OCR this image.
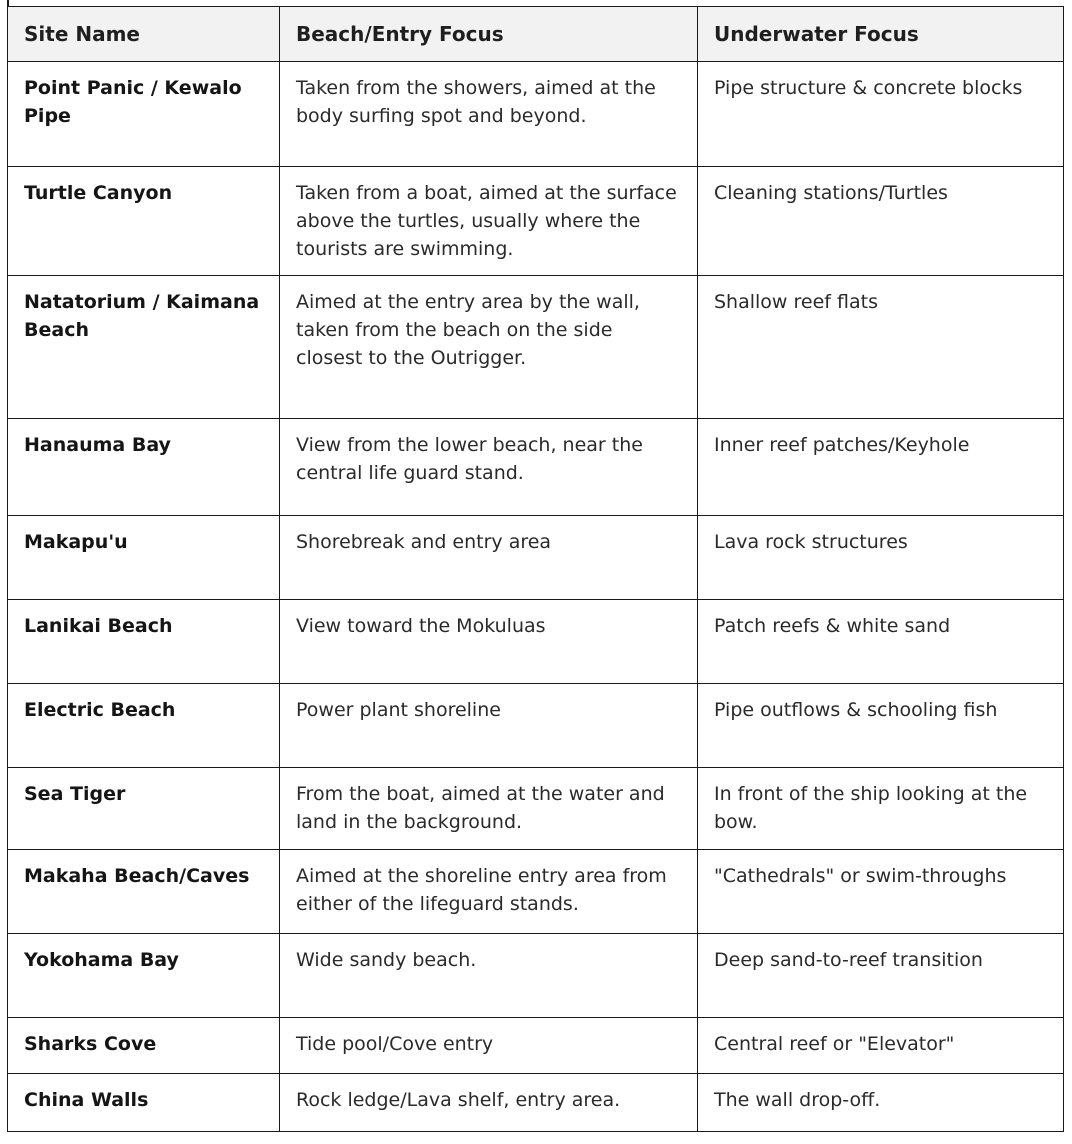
Site Name	Beach/Entry Focus	Underwater Focus
Point Panic / Kewalo Pipe	Taken from the showers, aimed at the body surfing spot and beyond.	Pipe structure & concrete blocks
Turtle Canyon	Taken from a boat, aimed at the surface above the turtles, usually where the tourists are swimming.	Cleaning stations/Turtles
Natatorium / Kaimana Beach	Aimed at the entry area by the wall, taken from the beach on the side closest to the Outrigger.	Shallow reef flats
Hanauma Bay	View from the lower beach, near the central life guard stand.	Inner reef patches/Keyhole
Makapu'u	Shorebreak and entry area	Lava rock structures
Lanikai Beach	View toward the Mokuluas	Patch reefs & white sand
Electric Beach	Power plant shoreline	Pipe outflows & schooling fish
Sea Tiger	From the boat, aimed at the water and land in the background.	In front of the ship looking at the bow.
Makaha Beach/Caves	Aimed at the shoreline entry area from either of the lifeguard stands.	"Cathedrals" or swim-throughs
Yokohama Bay	Wide sandy beach.	Deep sand-to-reef transition
Sharks Cove	Tide pool/Cove entry	Central reef or "Elevator"
China Walls	Rock ledge/Lava shelf, entry area.	The wall drop-off.
